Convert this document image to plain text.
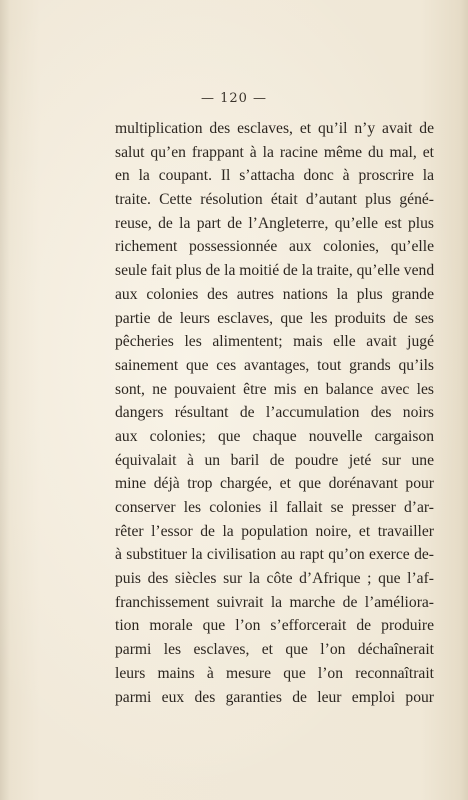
— 120 —
multiplication des esclaves, et qu’il n’y avait de
salut qu’en frappant à la racine même du mal, et
en la coupant. Il s’attacha donc à proscrire la
traite. Cette résolution était d’autant plus géné-
reuse, de la part de l’Angleterre, qu’elle est plus
richement possessionnée aux colonies, qu’elle
seule fait plus de la moitié de la traite, qu’elle vend
aux colonies des autres nations la plus grande
partie de leurs esclaves, que les produits de ses
pêcheries les alimentent; mais elle avait jugé
sainement que ces avantages, tout grands qu’ils
sont, ne pouvaient être mis en balance avec les
dangers résultant de l’accumulation des noirs
aux colonies; que chaque nouvelle cargaison
équivalait à un baril de poudre jeté sur une
mine déjà trop chargée, et que dorénavant pour
conserver les colonies il fallait se presser d’ar-
rêter l’essor de la population noire, et travailler
à substituer la civilisation au rapt qu’on exerce de-
puis des siècles sur la côte d’Afrique ; que l’af-
franchissement suivrait la marche de l’améliora-
tion morale que l’on s’efforcerait de produire
parmi les esclaves, et que l’on déchaînerait
leurs mains à mesure que l’on reconnaîtrait
parmi eux des garanties de leur emploi pour
